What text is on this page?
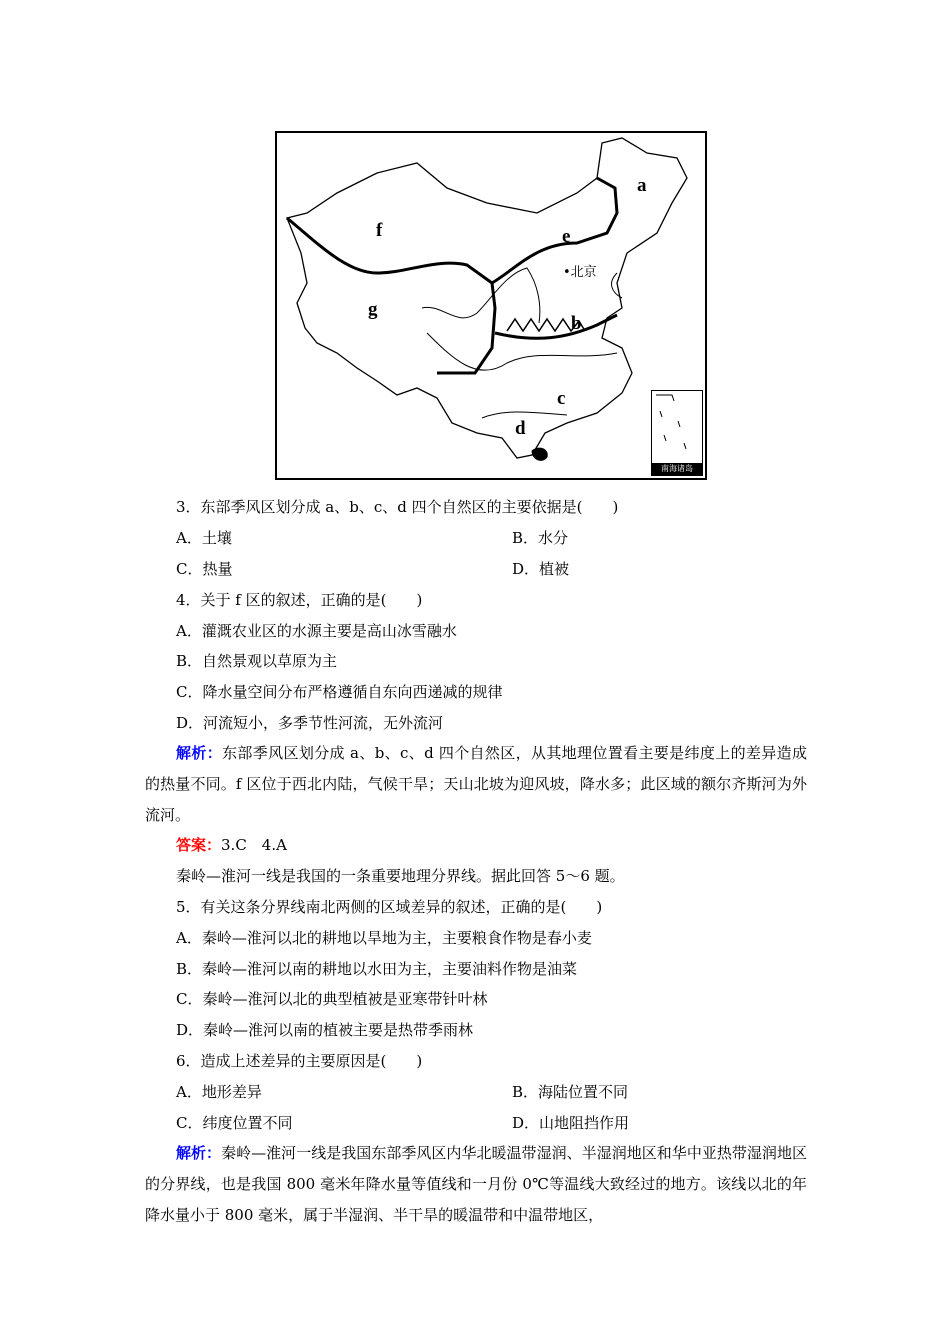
a
b
c
d
e
f
g
•北京
南海诸岛
3．东部季风区划分成 a、b、c、d 四个自然区的主要依据是(　　)
A．土壤	B．水分
C．热量	D．植被
4．关于 f 区的叙述，正确的是(　　)
A．灌溉农业区的水源主要是高山冰雪融水
B．自然景观以草原为主
C．降水量空间分布严格遵循自东向西递减的规律
D．河流短小，多季节性河流，无外流河
解析：东部季风区划分成 a、b、c、d 四个自然区，从其地理位置看主要是纬度上的差异造成的热量不同。f 区位于西北内陆，气候干旱；天山北坡为迎风坡，降水多；此区域的额尔齐斯河为外流河。
答案：3.C　4.A
秦岭—淮河一线是我国的一条重要地理分界线。据此回答 5～6 题。
5．有关这条分界线南北两侧的区域差异的叙述，正确的是(　　)
A．秦岭—淮河以北的耕地以旱地为主，主要粮食作物是春小麦
B．秦岭—淮河以南的耕地以水田为主，主要油料作物是油菜
C．秦岭—淮河以北的典型植被是亚寒带针叶林
D．秦岭—淮河以南的植被主要是热带季雨林
6．造成上述差异的主要原因是(　　)
A．地形差异	B．海陆位置不同
C．纬度位置不同	D．山地阻挡作用
解析：秦岭—淮河一线是我国东部季风区内华北暖温带湿润、半湿润地区和华中亚热带湿润地区的分界线，也是我国 800 毫米年降水量等值线和一月份 0℃等温线大致经过的地方。该线以北的年降水量小于 800 毫米，属于半湿润、半干旱的暖温带和中温带地区，
